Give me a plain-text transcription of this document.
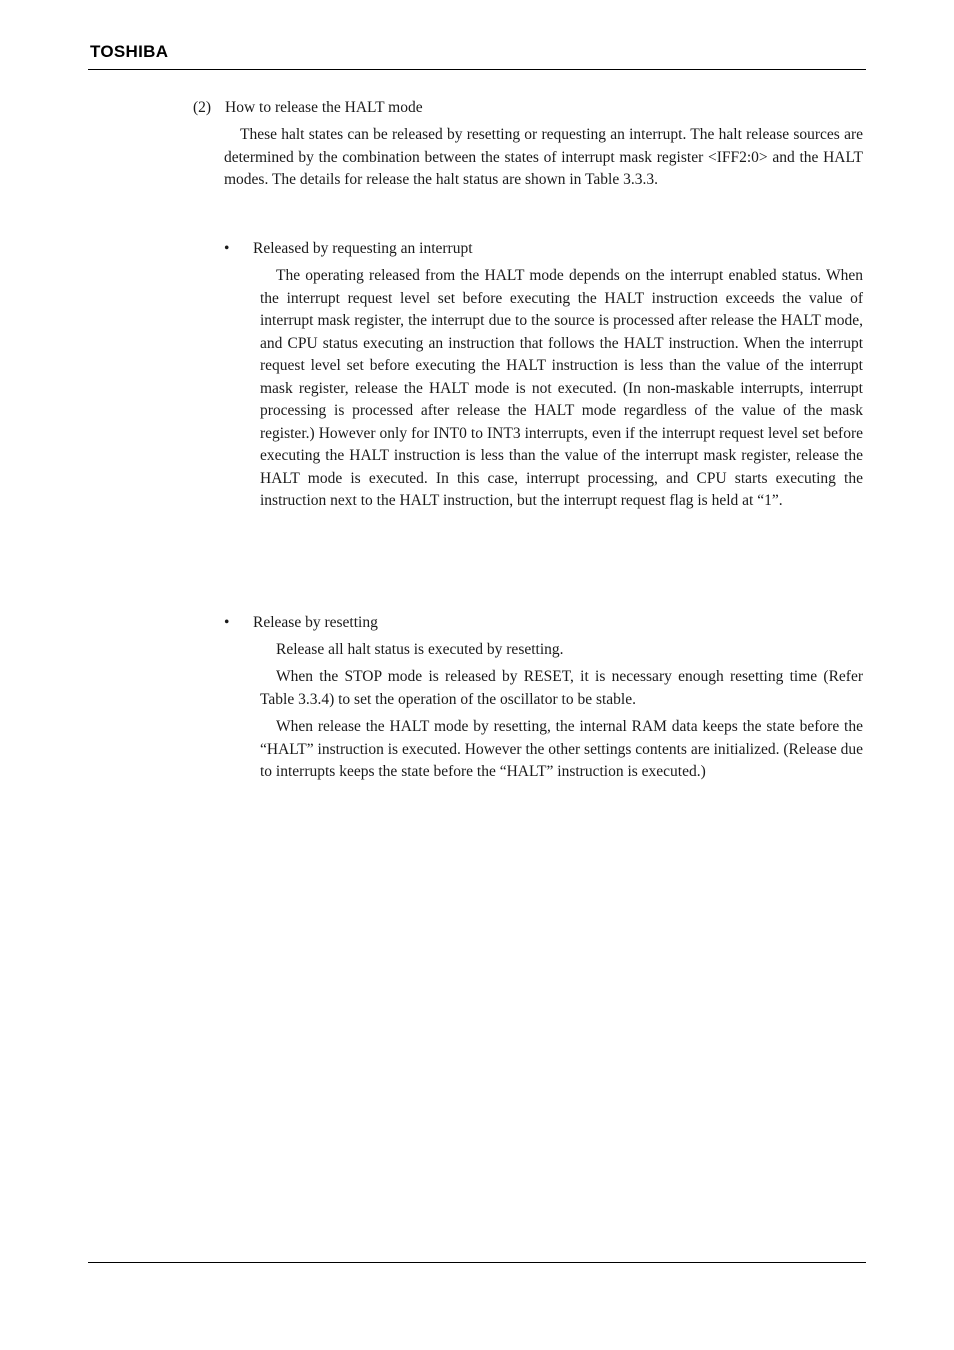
TOSHIBA
(2) How to release the HALT mode

These halt states can be released by resetting or requesting an interrupt. The halt release sources are determined by the combination between the states of interrupt mask register <IFF2:0> and the HALT modes. The details for release the halt status are shown in Table 3.3.3.

• Released by requesting an interrupt

The operating released from the HALT mode depends on the interrupt enabled status. When the interrupt request level set before executing the HALT instruction exceeds the value of interrupt mask register, the interrupt due to the source is processed after release the HALT mode, and CPU status executing an instruction that follows the HALT instruction. When the interrupt request level set before executing the HALT instruction is less than the value of the interrupt mask register, release the HALT mode is not executed. (In non-maskable interrupts, interrupt processing is processed after release the HALT mode regardless of the value of the mask register.) However only for INT0 to INT3 interrupts, even if the interrupt request level set before executing the HALT instruction is less than the value of the interrupt mask register, release the HALT mode is executed. In this case, interrupt processing, and CPU starts executing the instruction next to the HALT instruction, but the interrupt request flag is held at “1”.

• Release by resetting

Release all halt status is executed by resetting.

When the STOP mode is released by RESET, it is necessary enough resetting time (Refer Table 3.3.4) to set the operation of the oscillator to be stable.

When release the HALT mode by resetting, the internal RAM data keeps the state before the “HALT” instruction is executed. However the other settings contents are initialized. (Release due to interrupts keeps the state before the “HALT” instruction is executed.)
